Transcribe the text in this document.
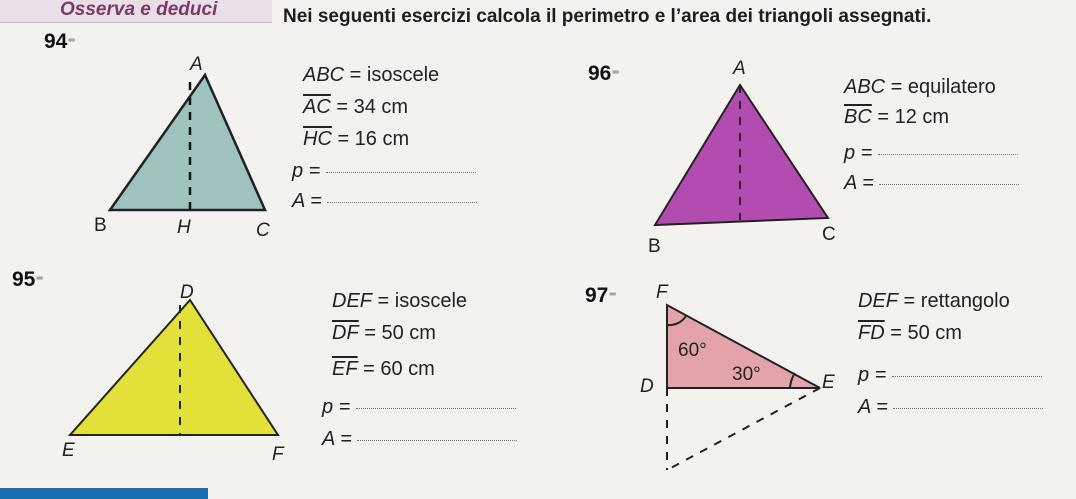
Osserva e deduci	Nei seguenti esercizi calcola il perimetro e l’area dei triangoli assegnati.
94⁼
A
B	H	C
ABC = isoscele
$\overline{AC} = 34$ cm
$\overline{HC} = 16$ cm
p =
A =
96⁼	A
B
C
ABC = equilatero
$\overline{BC} = 12$ cm
p =
A =
95⁼
D
E	F
DEF = isoscele
$\overline{DF} = 50$ cm
$\overline{EF} = 60$ cm
p =
A =
97⁼ F
D	E
60°
30°
DEF = rettangolo
$\overline{FD} = 50$ cm
p =
A =
